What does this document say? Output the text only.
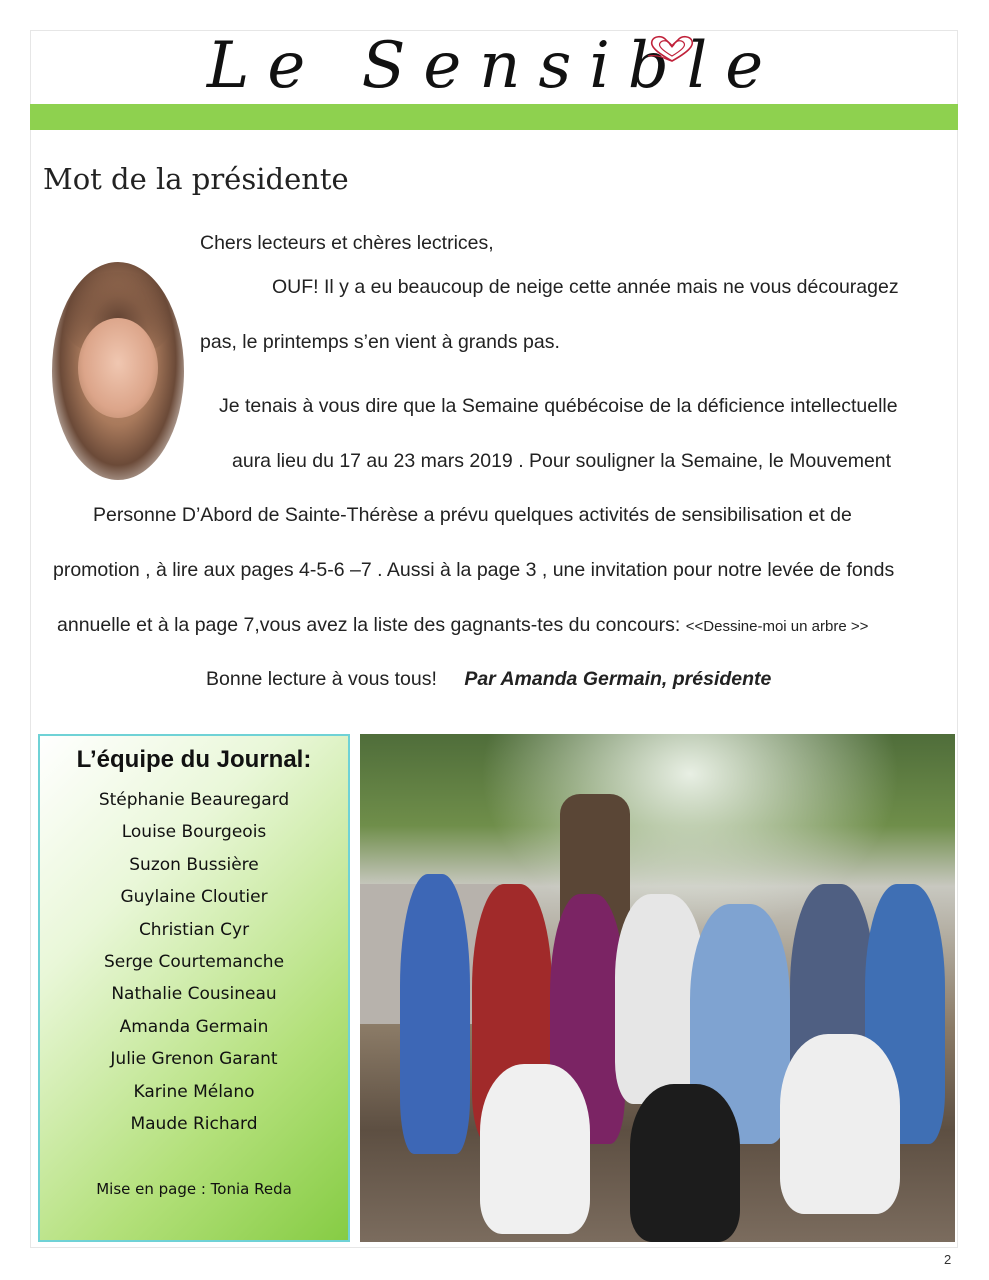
Le Sensible
Mot de la présidente
Chers lecteurs et chères lectrices,
OUF! Il y a eu beaucoup de neige cette année mais ne vous découragez
pas, le printemps s’en vient à grands pas.
Je tenais à vous dire que la Semaine québécoise de la déficience intellectuelle
aura lieu du 17 au 23 mars 2019 . Pour souligner la Semaine, le Mouvement
Personne D’Abord de Sainte-Thérèse a prévu quelques activités de sensibilisation et de
promotion , à lire aux pages 4-5-6 –7 . Aussi à la page 3 , une invitation pour notre levée de fonds
annuelle et à la page 7,vous avez la liste des gagnants-tes du concours: <<Dessine-moi un arbre >>
Bonne lecture à vous tous! Par Amanda Germain, présidente
L’équipe du Journal:
Stéphanie Beauregard
Louise Bourgeois
Suzon Bussière
Guylaine Cloutier
Christian Cyr
Serge Courtemanche
Nathalie Cousineau
Amanda Germain
Julie Grenon Garant
Karine Mélano
Maude Richard
Mise en page : Tonia Reda
2
